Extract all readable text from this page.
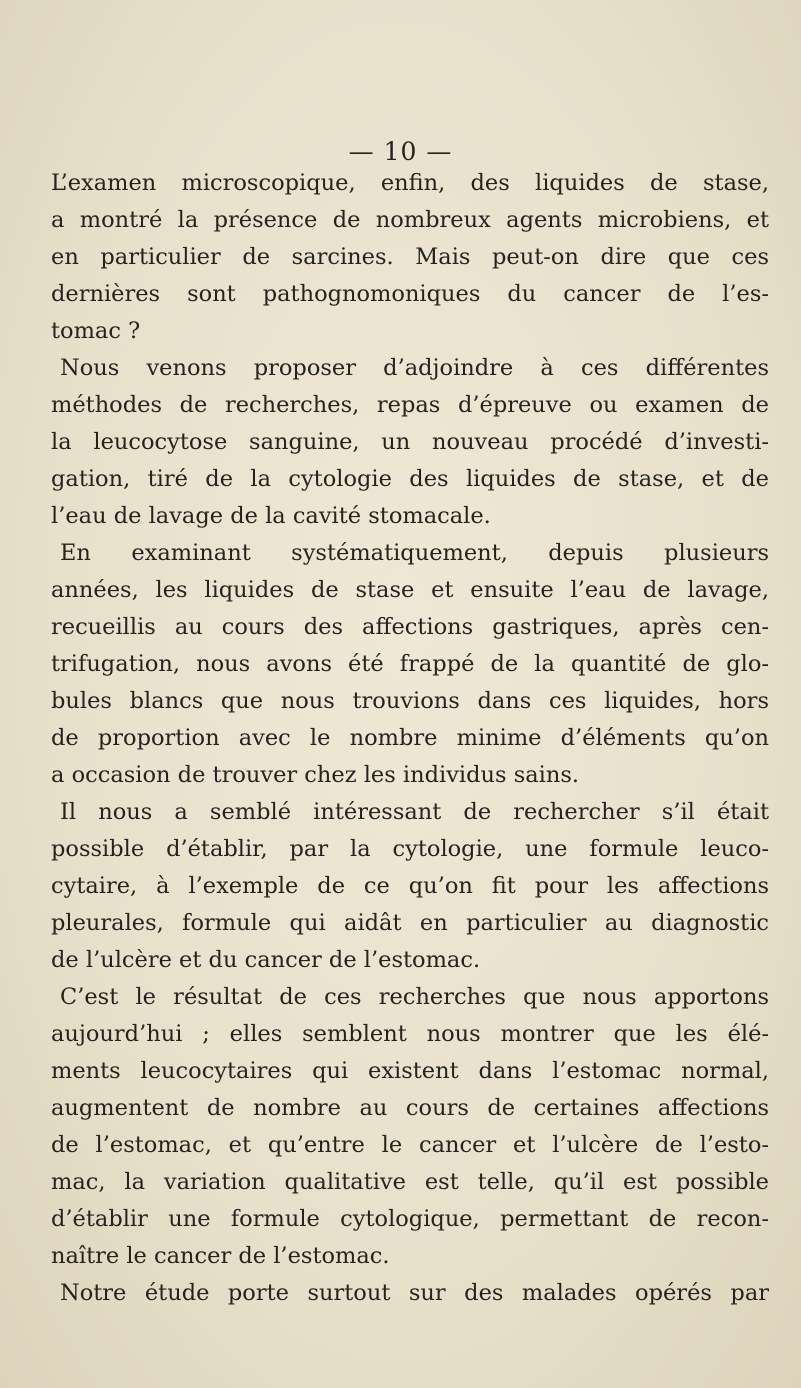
— 10 —
L’examen microscopique, enfin, des liquides de stase,
a montré la présence de nombreux agents microbiens, et
en particulier de sarcines. Mais peut-on dire que ces
dernières sont pathognomoniques du cancer de l’es-
tomac ?
Nous venons proposer d’adjoindre à ces différentes
méthodes de recherches, repas d’épreuve ou examen de
la leucocytose sanguine, un nouveau procédé d’investi-
gation, tiré de la cytologie des liquides de stase, et de
l’eau de lavage de la cavité stomacale.
En examinant systématiquement, depuis plusieurs
années, les liquides de stase et ensuite l’eau de lavage,
recueillis au cours des affections gastriques, après cen-
trifugation, nous avons été frappé de la quantité de glo-
bules blancs que nous trouvions dans ces liquides, hors
de proportion avec le nombre minime d’éléments qu’on
a occasion de trouver chez les individus sains.
Il nous a semblé intéressant de rechercher s’il était
possible d’établir, par la cytologie, une formule leuco-
cytaire, à l’exemple de ce qu’on fit pour les affections
pleurales, formule qui aidât en particulier au diagnostic
de l’ulcère et du cancer de l’estomac.
C’est le résultat de ces recherches que nous apportons
aujourd’hui ; elles semblent nous montrer que les élé-
ments leucocytaires qui existent dans l’estomac normal,
augmentent de nombre au cours de certaines affections
de l’estomac, et qu’entre le cancer et l’ulcère de l’esto-
mac, la variation qualitative est telle, qu’il est possible
d’établir une formule cytologique, permettant de recon-
naître le cancer de l’estomac.
Notre étude porte surtout sur des malades opérés par
